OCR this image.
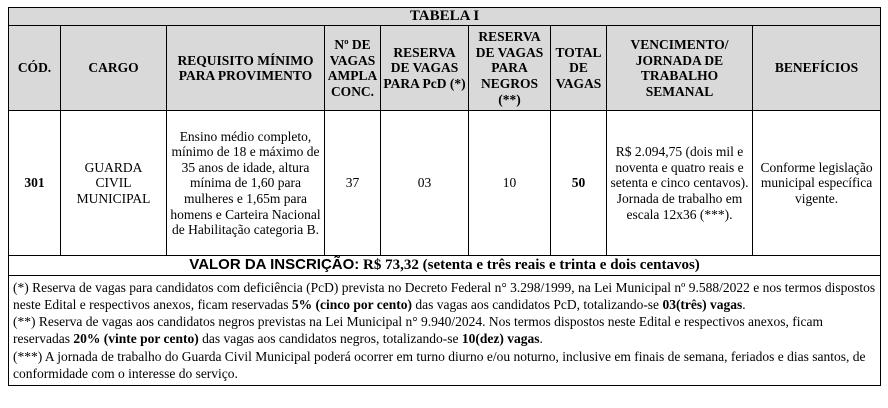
TABELA I								
CÓD.	CARGO	REQUISITO MÍNIMO PARA PROVIMENTO	Nº DE VAGAS AMPLA CONC.	RESERVA DE VAGAS PARA PcD (*)	RESERVA DE VAGAS PARA NEGROS (**)	TOTAL DE VAGAS	VENCIMENTO/ JORNADA DE TRABALHO SEMANAL	BENEFÍCIOS
301	GUARDA CIVIL MUNICIPAL	Ensino médio completo, mínimo de 18 e máximo de 35 anos de idade, altura mínima de 1,60 para mulheres e 1,65m para homens e Carteira Nacional de Habilitação categoria B.	37	03	10	50	R$ 2.094,75 (dois mil e noventa e quatro reais e setenta e cinco centavos). Jornada de trabalho em escala 12x36 (***).	Conforme legislação municipal específica vigente.
VALOR DA INSCRIÇÃO: R$ 73,32 (setenta e três reais e trinta e dois centavos)								

(*) Reserva de vagas para candidatos com deficiência (PcD) prevista no Decreto Federal n° 3.298/1999, na Lei Municipal nº 9.588/2022 e nos termos dispostos neste Edital e respectivos anexos, ficam reservadas 5% (cinco por cento) das vagas aos candidatos PcD, totalizando-se 03(três) vagas.

(**) Reserva de vagas aos candidatos negros previstas na Lei Municipal n° 9.940/2024. Nos termos dispostos neste Edital e respectivos anexos, ficam reservadas 20% (vinte por cento) das vagas aos candidatos negros, totalizando-se 10(dez) vagas.

(***) A jornada de trabalho do Guarda Civil Municipal poderá ocorrer em turno diurno e/ou noturno, inclusive em finais de semana, feriados e dias santos, de conformidade com o interesse do serviço.								
